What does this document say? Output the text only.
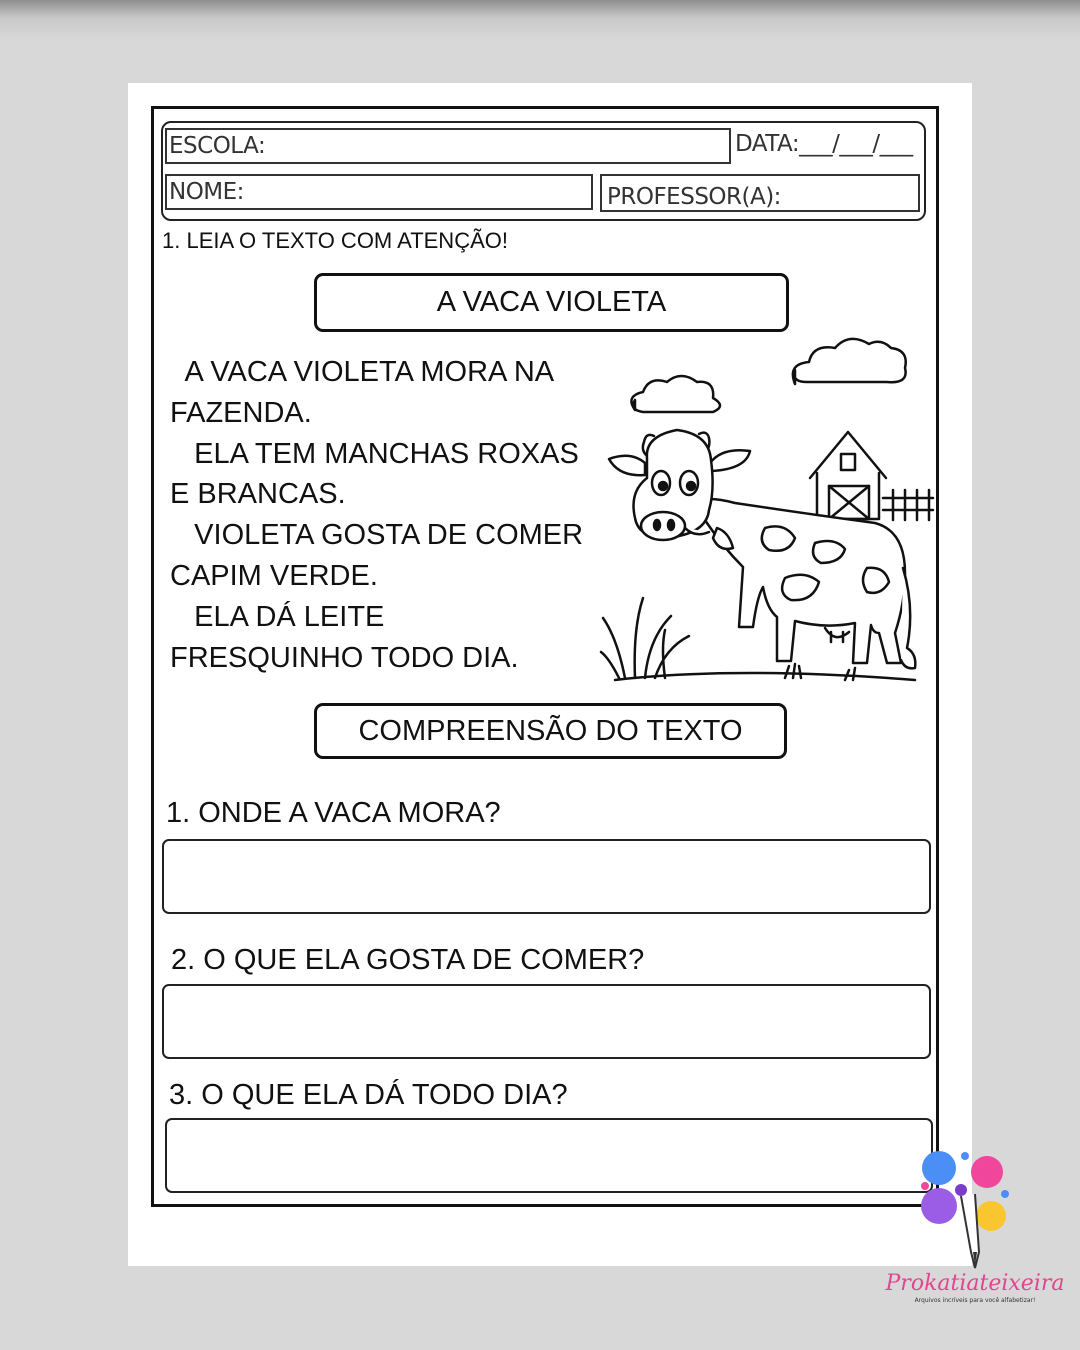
ESCOLA:	DATA:___/___/___
NOME:	PROFESSOR(A):
1. LEIA O TEXTO COM ATENÇÃO!
A VACA VIOLETA
A VACA VIOLETA MORA NA
FAZENDA.
ELA TEM MANCHAS ROXAS
E BRANCAS.
VIOLETA GOSTA DE COMER
CAPIM VERDE.
ELA DÁ LEITE
FRESQUINHO TODO DIA.
COMPREENSÃO DO TEXTO
1. ONDE A VACA MORA?
2. O QUE ELA GOSTA DE COMER?
3. O QUE ELA DÁ TODO DIA?
Prokatiateixeira
Arquivos incríveis para você alfabetizar!
